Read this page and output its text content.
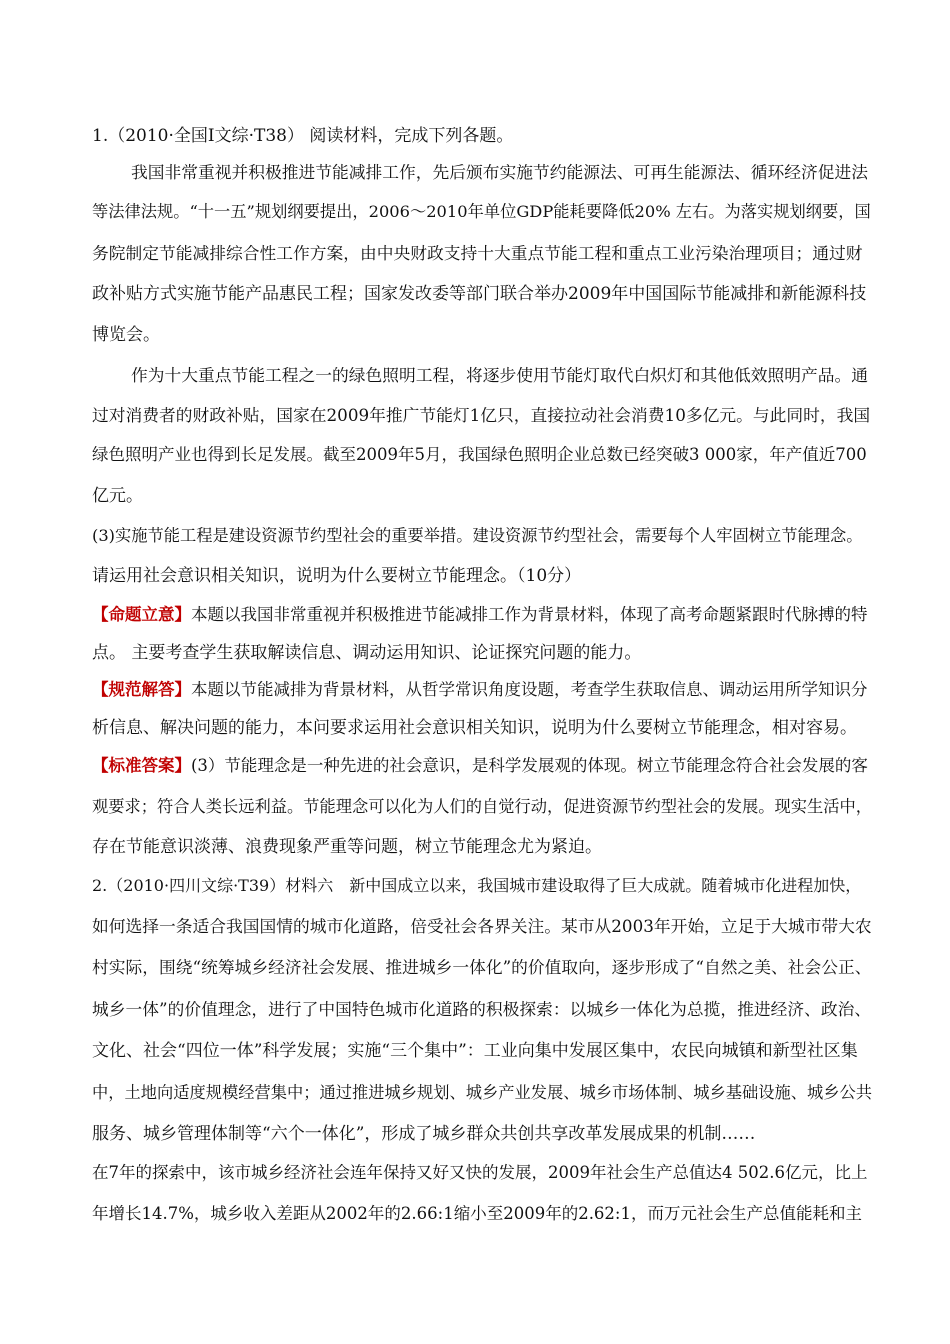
1.（2010·全国Ⅰ文综·T38） 阅读材料，完成下列各题。
我国非常重视并积极推进节能减排工作，先后颁布实施节约能源法、可再生能源法、循环经济促进法
等法律法规。“十一五”规划纲要提出，2006～2010年单位GDP能耗要降低20% 左右。为落实规划纲要，国
务院制定节能减排综合性工作方案，由中央财政支持十大重点节能工程和重点工业污染治理项目；通过财
政补贴方式实施节能产品惠民工程；国家发改委等部门联合举办2009年中国国际节能减排和新能源科技
博览会。
作为十大重点节能工程之一的绿色照明工程，将逐步使用节能灯取代白炽灯和其他低效照明产品。通
过对消费者的财政补贴，国家在2009年推广节能灯1亿只，直接拉动社会消费10多亿元。与此同时，我国
绿色照明产业也得到长足发展。截至2009年5月，我国绿色照明企业总数已经突破3 000家，年产值近700
亿元。
(3)实施节能工程是建设资源节约型社会的重要举措。建设资源节约型社会，需要每个人牢固树立节能理念。
请运用社会意识相关知识，说明为什么要树立节能理念。（10分）
【命题立意】本题以我国非常重视并积极推进节能减排工作为背景材料，体现了高考命题紧跟时代脉搏的特
点。 主要考查学生获取解读信息、调动运用知识、论证探究问题的能力。
【规范解答】本题以节能减排为背景材料，从哲学常识角度设题，考查学生获取信息、调动运用所学知识分
析信息、解决问题的能力，本问要求运用社会意识相关知识，说明为什么要树立节能理念，相对容易。
【标准答案】(3）节能理念是一种先进的社会意识，是科学发展观的体现。树立节能理念符合社会发展的客
观要求；符合人类长远利益。节能理念可以化为人们的自觉行动，促进资源节约型社会的发展。现实生活中，
存在节能意识淡薄、浪费现象严重等问题，树立节能理念尤为紧迫。
2.（2010·四川文综·T39）材料六　新中国成立以来，我国城市建设取得了巨大成就。随着城市化进程加快，
如何选择一条适合我国国情的城市化道路，倍受社会各界关注。某市从2003年开始，立足于大城市带大农
村实际，围绕“统筹城乡经济社会发展、推进城乡一体化”的价值取向，逐步形成了“自然之美、社会公正、
城乡一体”的价值理念，进行了中国特色城市化道路的积极探索：以城乡一体化为总揽，推进经济、政治、
文化、社会“四位一体”科学发展；实施“三个集中”：工业向集中发展区集中，农民向城镇和新型社区集
中，土地向适度规模经营集中；通过推进城乡规划、城乡产业发展、城乡市场体制、城乡基础设施、城乡公共
服务、城乡管理体制等“六个一体化”，形成了城乡群众共创共享改革发展成果的机制……
在7年的探索中，该市城乡经济社会连年保持又好又快的发展，2009年社会生产总值达4 502.6亿元，比上
年增长14.7%，城乡收入差距从2002年的2.66:1缩小至2009年的2.62:1，而万元社会生产总值能耗和主
